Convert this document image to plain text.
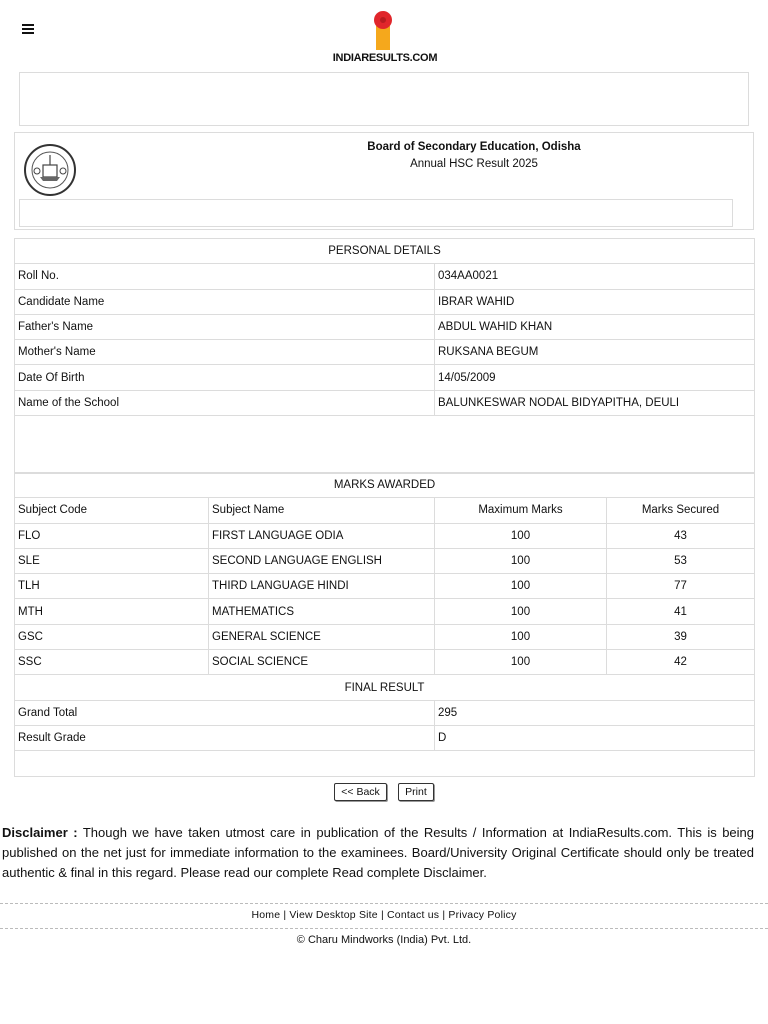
INDIARESULTS.COM
Board of Secondary Education, Odisha
Annual HSC Result 2025
PERSONAL DETAILS	
Roll No.	034AA0021
Candidate Name	IBRAR WAHID
Father's Name	ABDUL WAHID KHAN
Mother's Name	RUKSANA BEGUM
Date Of Birth	14/05/2009
Name of the School	BALUNKESWAR NODAL BIDYAPITHA, DEULI

MARKS AWARDED			
Subject Code	Subject Name	Maximum Marks	Marks Secured
FLO	FIRST LANGUAGE ODIA	100	43
SLE	SECOND LANGUAGE ENGLISH	100	53
TLH	THIRD LANGUAGE HINDI	100	77
MTH	MATHEMATICS	100	41
GSC	GENERAL SCIENCE	100	39
SSC	SOCIAL SCIENCE	100	42
FINAL RESULT			
Grand Total		295	
Result Grade		D	

<< Back Print
Disclaimer : Though we have taken utmost care in publication of the Results / Information at IndiaResults.com. This is being published on the net just for immediate information to the examinees. Board/University Original Certificate should only be treated authentic & final in this regard. Please read our complete Read complete Disclaimer.
Home | View Desktop Site | Contact us | Privacy Policy
© Charu Mindworks (India) Pvt. Ltd.
